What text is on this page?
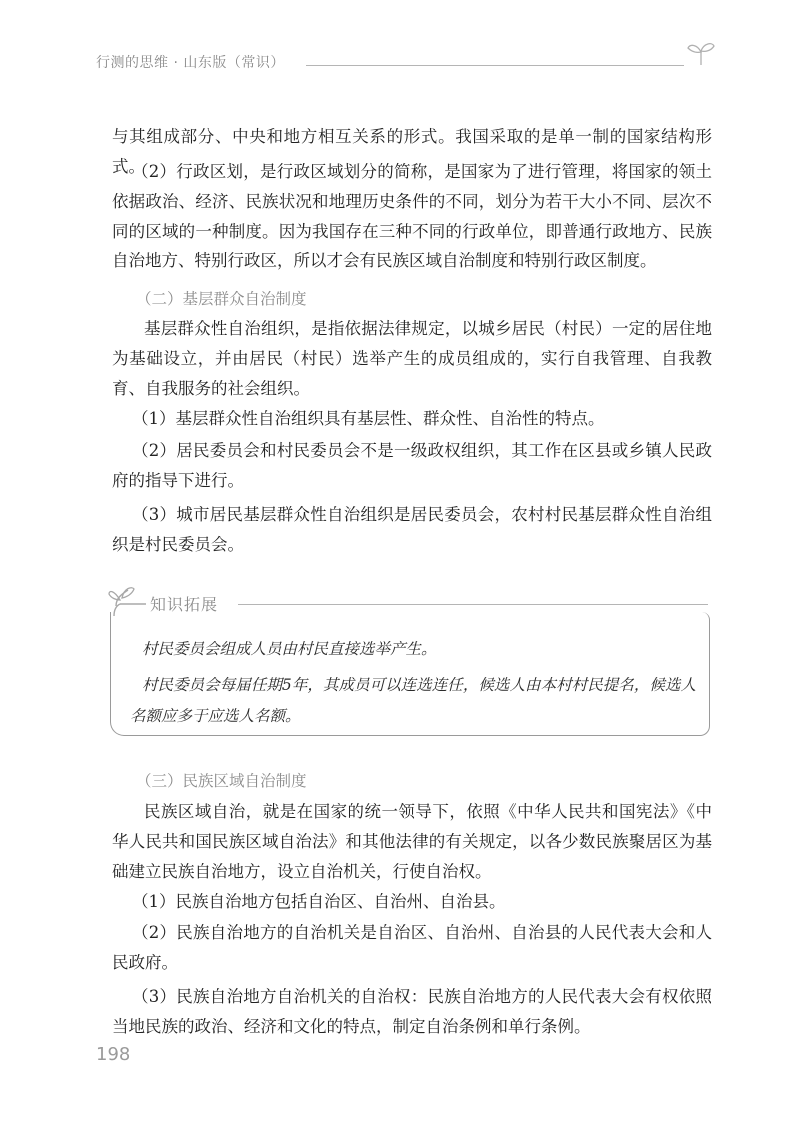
行测的思维 · 山东版（常识）

与其组成部分、中央和地方相互关系的形式。我国采取的是单一制的国家结构形式。

（2）行政区划，是行政区域划分的简称，是国家为了进行管理，将国家的领土依据政治、经济、民族状况和地理历史条件的不同，划分为若干大小不同、层次不同的区域的一种制度。因为我国存在三种不同的行政单位，即普通行政地方、民族自治地方、特别行政区，所以才会有民族区域自治制度和特别行政区制度。

（二）基层群众自治制度

基层群众性自治组织，是指依据法律规定，以城乡居民（村民）一定的居住地为基础设立，并由居民（村民）选举产生的成员组成的，实行自我管理、自我教育、自我服务的社会组织。

（1）基层群众性自治组织具有基层性、群众性、自治性的特点。

（2）居民委员会和村民委员会不是一级政权组织，其工作在区县或乡镇人民政府的指导下进行。

（3）城市居民基层群众性自治组织是居民委员会，农村村民基层群众性自治组织是村民委员会。

知识拓展

村民委员会组成人员由村民直接选举产生。

村民委员会每届任期5年，其成员可以连选连任，候选人由本村村民提名，候选人名额应多于应选人名额。

（三）民族区域自治制度

民族区域自治，就是在国家的统一领导下，依照《中华人民共和国宪法》《中华人民共和国民族区域自治法》和其他法律的有关规定，以各少数民族聚居区为基础建立民族自治地方，设立自治机关，行使自治权。

（1）民族自治地方包括自治区、自治州、自治县。

（2）民族自治地方的自治机关是自治区、自治州、自治县的人民代表大会和人民政府。

（3）民族自治地方自治机关的自治权：民族自治地方的人民代表大会有权依照当地民族的政治、经济和文化的特点，制定自治条例和单行条例。

198
